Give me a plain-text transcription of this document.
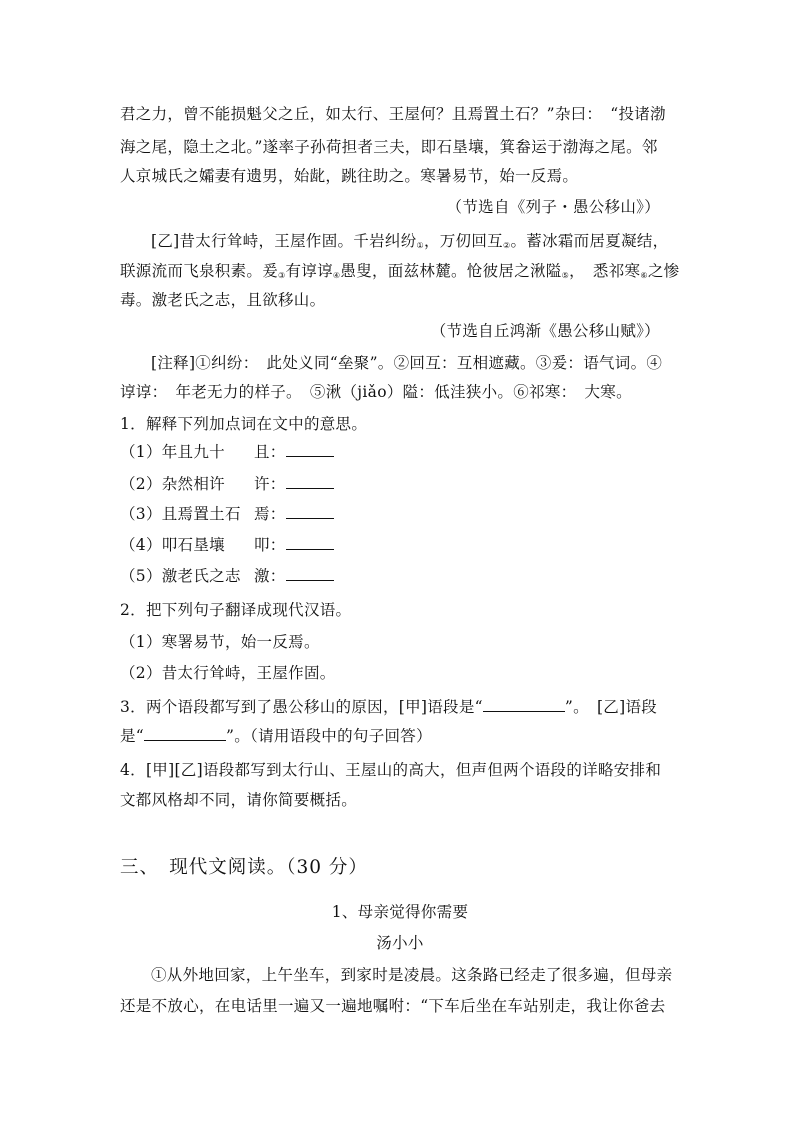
君之力，曾不能损魁父之丘，如太行、王屋何？且焉置土石？”杂曰：　“投诸渤
海之尾，隐土之北。”遂率子孙荷担者三夫，即石垦壤，箕畚运于渤海之尾。邻
人京城氏之孀妻有遗男，始龀，跳往助之。寒暑易节，始一反焉。
（节选自《列子・愚公移山》）
[乙]昔太行耸峙，王屋作固。千岩纠纷①，万仞回互②。蓄冰霜而居夏凝结，
联源流而飞泉积素。爰③有谆谆④愚叟，面兹林麓。怆彼居之湫隘⑤，　悉祁寒⑥之惨
毒。激老氏之志，且欲移山。
（节选自丘鸿渐《愚公移山赋》）
[注释]①纠纷：　此处义同“垒聚”。②回互：互相遮藏。③爰：语气词。④
谆谆：　年老无力的样子。　⑤湫（jiǎo）隘：低洼狭小。⑥祁寒：　大寒。
1．解释下列加点词在文中的意思。
（1）年且九十 且：
（2）杂然相许 许：
（3）且焉置土石 焉：
（4）叩石垦壤 叩：
（5）激老氏之志 激：
2．把下列句子翻译成现代汉语。
（1）寒署易节，始一反焉。
（2）昔太行耸峙，王屋作固。
3．两个语段都写到了愚公移山的原因，[甲]语段是“	”。　[乙]语段
是“	”。（请用语段中的句子回答）
4．[甲][乙]语段都写到太行山、王屋山的高大，但声但两个语段的详略安排和
文都风格却不同，请你简要概括。
三、　现代文阅读。（30 分）
1、母亲觉得你需要
汤小小
①从外地回家，上午坐车，到家时是凌晨。这条路已经走了很多遍，但母亲
还是不放心，在电话里一遍又一遍地嘱咐：“下车后坐在车站别走，我让你爸去
